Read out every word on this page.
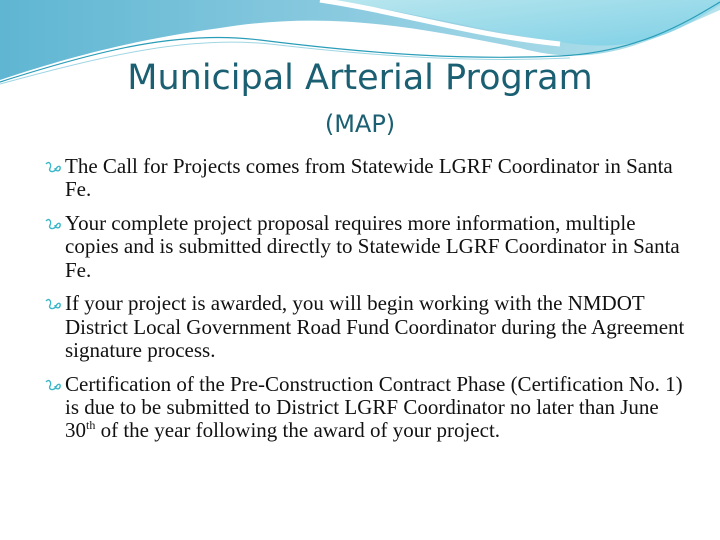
Municipal Arterial Program
(MAP)
The Call for Projects comes from Statewide LGRF Coordinator in Santa Fe.
Your complete project proposal requires more information, multiple copies and is submitted directly to Statewide LGRF Coordinator in Santa Fe.
If your project is awarded, you will begin working with the NMDOT District Local Government Road Fund Coordinator during the Agreement signature process.
Certification of the Pre-Construction Contract Phase (Certification No. 1) is due to be submitted to District LGRF Coordinator no later than June 30th of the year following the award of your project.
